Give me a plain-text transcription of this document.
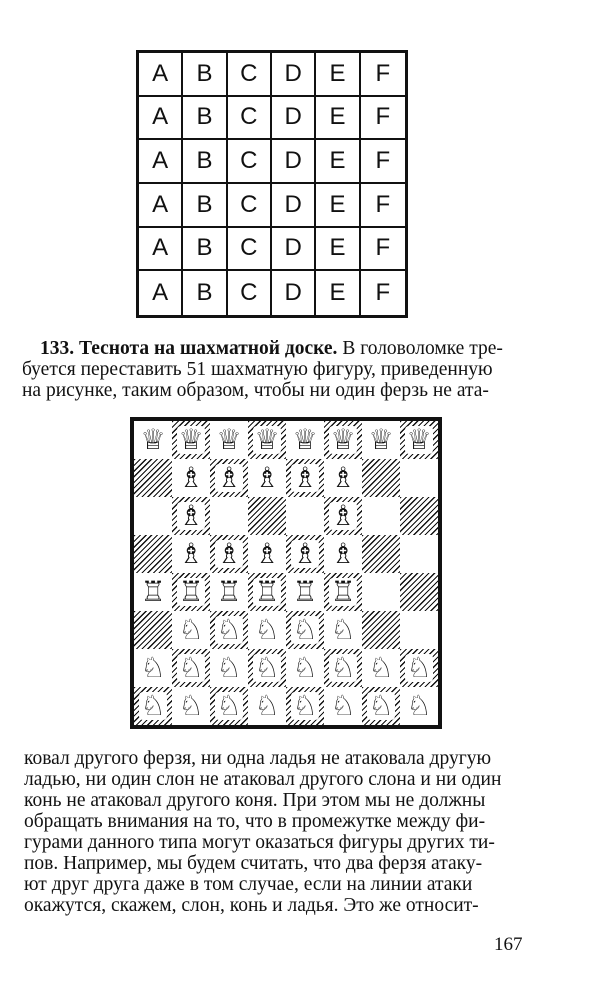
A	B	C	D	E	F
A	B	C	D	E	F
A	B	C	D	E	F
A	B	C	D	E	F
A	B	C	D	E	F
A	B	C	D	E	F
133. Теснота на шахматной доске. В головоломке тре-
буется переставить 51 шахматную фигуру, приведенную
на рисунке, таким образом, чтобы ни один ферзь не ата-
♕ ♕ ♕ ♕ ♕ ♕ ♕ ♕
♗ ♗ ♗ ♗ ♗
♗	♗
♗ ♗ ♗ ♗ ♗
♖ ♖ ♖ ♖ ♖ ♖
♘ ♘ ♘ ♘ ♘
♘ ♘ ♘ ♘ ♘ ♘ ♘ ♘
♘ ♘ ♘ ♘ ♘ ♘ ♘ ♘
ковал другого ферзя, ни одна ладья не атаковала другую
ладью, ни один слон не атаковал другого слона и ни один
конь не атаковал другого коня. При этом мы не должны
обращать внимания на то, что в промежутке между фи-
гурами данного типа могут оказаться фигуры других ти-
пов. Например, мы будем считать, что два ферзя атаку-
ют друг друга даже в том случае, если на линии атаки
окажутся, скажем, слон, конь и ладья. Это же относит-
167
